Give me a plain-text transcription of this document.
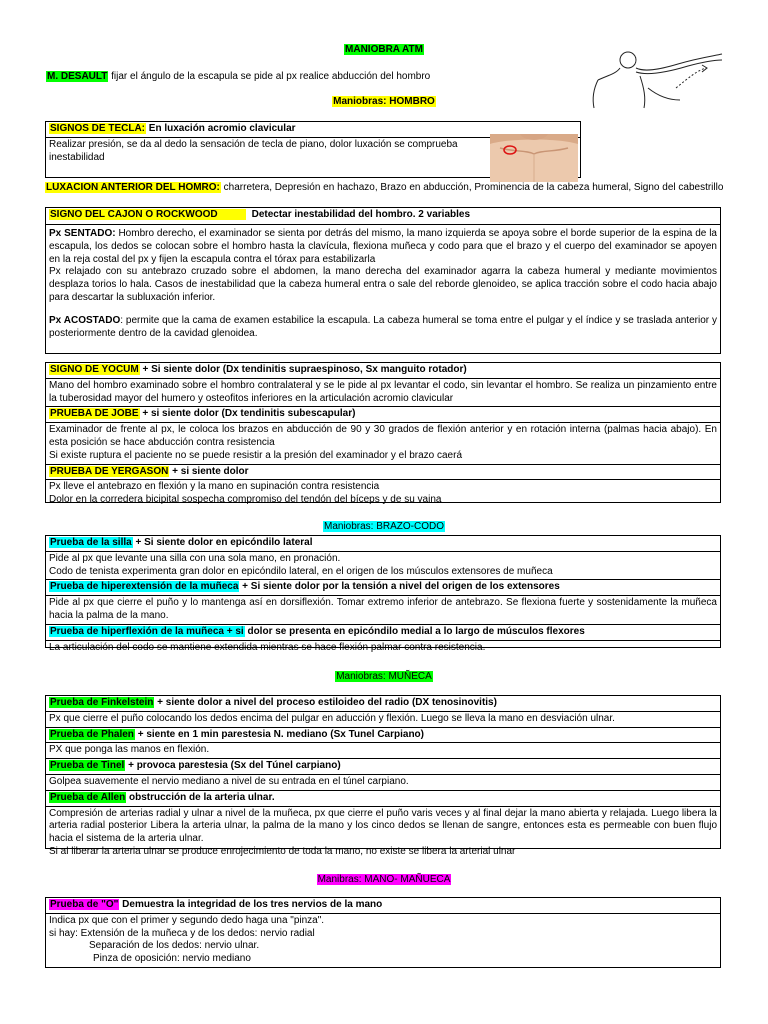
MANIOBRA ATM
M. DESAULT fijar el ángulo de la escapula se pide al px realice abducción del hombro
Maniobras: HOMBRO
SIGNOS DE TECLA: En luxación acromio clavicular
Realizar presión, se da al dedo la sensación de tecla de piano, dolor luxación se comprueba inestabilidad
LUXACION ANTERIOR DEL HOMRO: charretera, Depresión en hachazo, Brazo en abducción, Prominencia de la cabeza humeral, Signo del cabestrillo
SIGNO DEL CAJON O ROCKWOOD	Detectar inestabilidad del hombro. 2 variables

Px SENTADO: Hombro derecho, el examinador se sienta por detrás del mismo, la mano izquierda se apoya sobre el borde superior de la espina de la escapula, los dedos se colocan sobre el hombro hasta la clavícula, flexiona muñeca y codo para que el brazo y el cuerpo del examinador se apoyen en la reja costal del px y fijen la escapula contra el tórax para estabilizarla

Px relajado con su antebrazo cruzado sobre el abdomen, la mano derecha del examinador agarra la cabeza humeral y mediante movimientos desplaza torios lo hala. Casos de inestabilidad que la cabeza humeral entra o sale del reborde glenoideo, se aplica tracción sobre el codo hacia abajo para descartar la subluxación inferior.

Px ACOSTADO: permite que la cama de examen estabilice la escapula. La cabeza humeral se toma entre el pulgar y el índice y se traslada anterior y posteriormente dentro de la cavidad glenoidea.

SIGNO DE YOCUM + Si siente dolor (Dx tendinitis supraespinoso, Sx manguito rotador)
Mano del hombro examinado sobre el hombro contralateral y se le pide al px levantar el codo, sin levantar el hombro. Se realiza un pinzamiento entre la tuberosidad mayor del humero y osteofitos inferiores en la articulación acromio clavicular
PRUEBA DE JOBE + si siente dolor (Dx tendinitis subescapular)

Examinador de frente al px, le coloca los brazos en abducción de 90 y 30 grados de flexión anterior y en rotación interna (palmas hacia abajo). En esta posición se hace abducción contra resistencia

Si existe ruptura el paciente no se puede resistir a la presión del examinador y el brazo caerá

PRUEBA DE YERGASON + si siente dolor

Px lleve el antebrazo en flexión y la mano en supinación contra resistencia

Dolor en la corredera bicipital sospecha compromiso del tendón del bíceps y de su vaina

Maniobras: BRAZO-CODO
Prueba de la silla + Si siente dolor en epicóndilo lateral

Pide al px que levante una silla con una sola mano, en pronación.

Codo de tenista experimenta gran dolor en epicóndilo lateral, en el origen de los músculos extensores de muñeca

Prueba de hiperextensión de la muñeca + Si siente dolor por la tensión a nivel del origen de los extensores
Pide al px que cierre el puño y lo mantenga así en dorsiflexión. Tomar extremo inferior de antebrazo. Se flexiona fuerte y sostenidamente la muñeca hacia la palma de la mano.
Prueba de hiperflexión de la muñeca + si dolor se presenta en epicóndilo medial a lo largo de músculos flexores
La articulación del codo se mantiene extendida mientras se hace flexión palmar contra resistencia.
Maniobras: MUÑECA
Prueba de Finkelstein + siente dolor a nivel del proceso estiloideo del radio (DX tenosinovitis)
Px que cierre el puño colocando los dedos encima del pulgar en aducción y flexión. Luego se lleva la mano en desviación ulnar.
Prueba de Phalen + siente en 1 min parestesia N. mediano (Sx Tunel Carpiano)
PX que ponga las manos en flexión.
Prueba de Tinel + provoca parestesia (Sx del Túnel carpiano)
Golpea suavemente el nervio mediano a nivel de su entrada en el túnel carpiano.
Prueba de Allen obstrucción de la arteria ulnar.

Compresión de arterias radial y ulnar a nivel de la muñeca, px que cierre el puño varis veces y al final dejar la mano abierta y relajada. Luego libera la arteria radial posterior Libera la arteria ulnar, la palma de la mano y los cinco dedos se llenan de sangre, entonces esta es permeable con buen flujo hacia el sistema de la arteria ulnar.

Si al liberar la arteria ulnar se produce enrojecimiento de toda la mano, no existe se libera la arterial ulnar

Manibras: MANO- MAÑUECA
Prueba de "O" Demuestra la integridad de los tres nervios de la mano

Indica px que con el primer y segundo dedo haga una "pinza".

si hay: Extensión de la muñeca y de los dedos: nervio radial

Separación de los dedos: nervio ulnar.

Pinza de oposición: nervio mediano
